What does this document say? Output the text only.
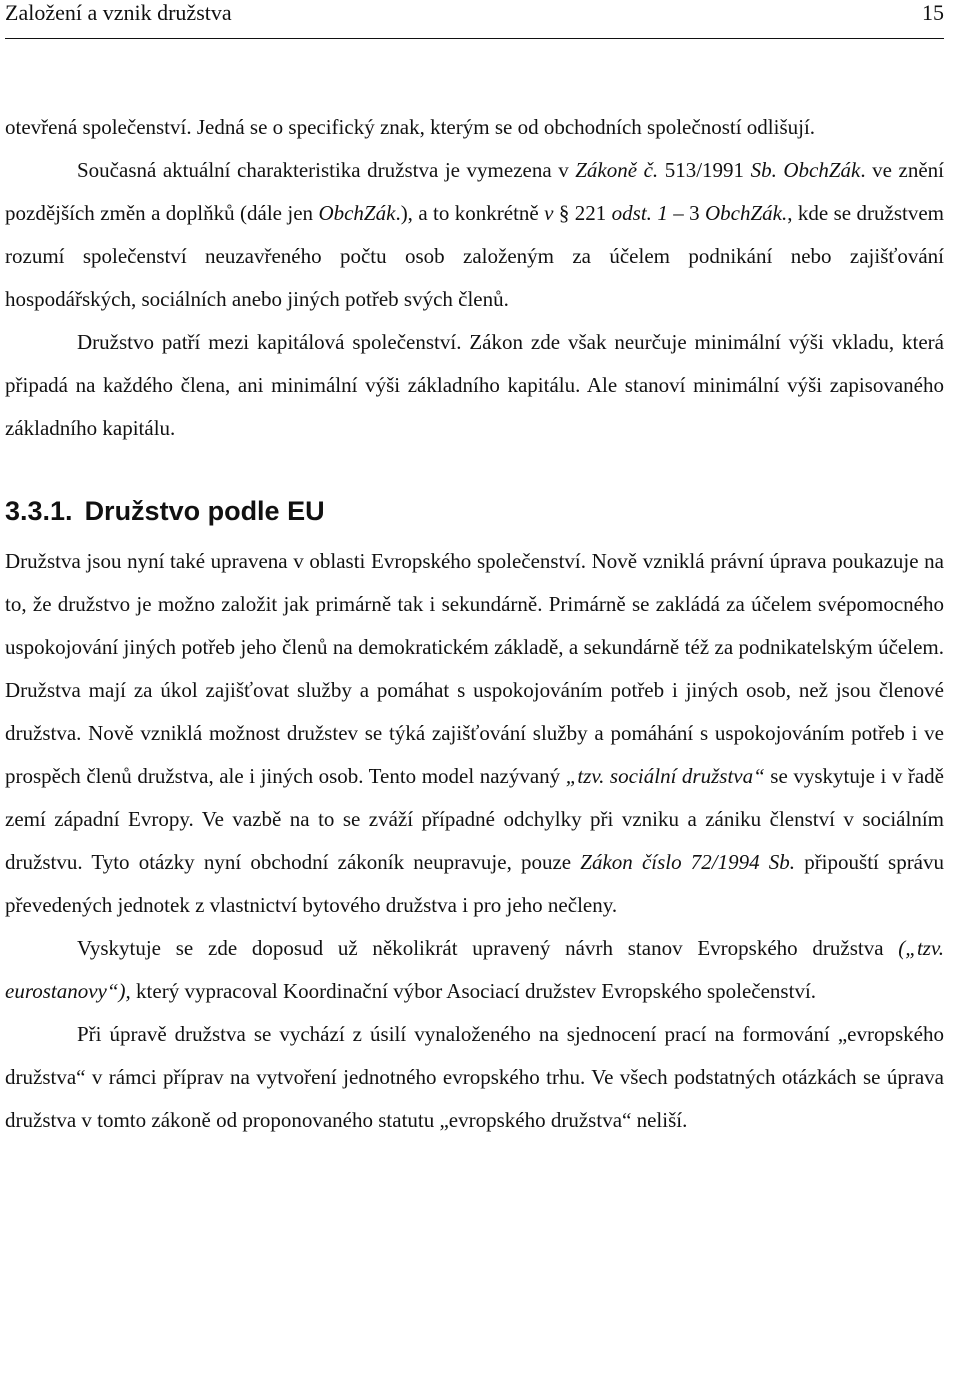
Založení a vznik družstva	15

otevřená společenství. Jedná se o specifický znak, kterým se od obchodních společností odlišují.

Současná aktuální charakteristika družstva je vymezena v Zákoně č. 513/1991 Sb. ObchZák. ve znění pozdějších změn a doplňků (dále jen ObchZák.), a to konkrétně v § 221 odst. 1 – 3 ObchZák., kde se družstvem rozumí společenství neuzavřeného počtu osob založeným za účelem podnikání nebo zajišťování hospodářských, sociálních anebo jiných potřeb svých členů.

Družstvo patří mezi kapitálová společenství. Zákon zde však neurčuje minimální výši vkladu, která připadá na každého člena, ani minimální výši základního kapitálu. Ale stanoví minimální výši zapisovaného základního kapitálu.

3.3.1. Družstvo podle EU

Družstva jsou nyní také upravena v oblasti Evropského společenství. Nově vzniklá právní úprava poukazuje na to, že družstvo je možno založit jak primárně tak i sekundárně. Primárně se zakládá za účelem svépomocného uspokojování jiných potřeb jeho členů na demokratickém základě, a sekundárně též za podnikatelským účelem. Družstva mají za úkol zajišťovat služby a pomáhat s uspokojováním potřeb i jiných osob, než jsou členové družstva. Nově vzniklá možnost družstev se týká zajišťování služby a pomáhání s uspokojováním potřeb i ve prospěch členů družstva, ale i jiných osob. Tento model nazývaný „tzv. sociální družstva“ se vyskytuje i v řadě zemí západní Evropy. Ve vazbě na to se zváží případné odchylky při vzniku a zániku členství v sociálním družstvu. Tyto otázky nyní obchodní zákoník neupravuje, pouze Zákon číslo 72/1994 Sb. připouští správu převedených jednotek z vlastnictví bytového družstva i pro jeho nečleny.

Vyskytuje se zde doposud už několikrát upravený návrh stanov Evropského družstva („tzv. eurostanovy“), který vypracoval Koordinační výbor Asociací družstev Evropského společenství.

Při úpravě družstva se vychází z úsilí vynaloženého na sjednocení prací na formování „evropského družstva“ v rámci příprav na vytvoření jednotného evropského trhu. Ve všech podstatných otázkách se úprava družstva v tomto zákoně od proponovaného statutu „evropského družstva“ neliší.
